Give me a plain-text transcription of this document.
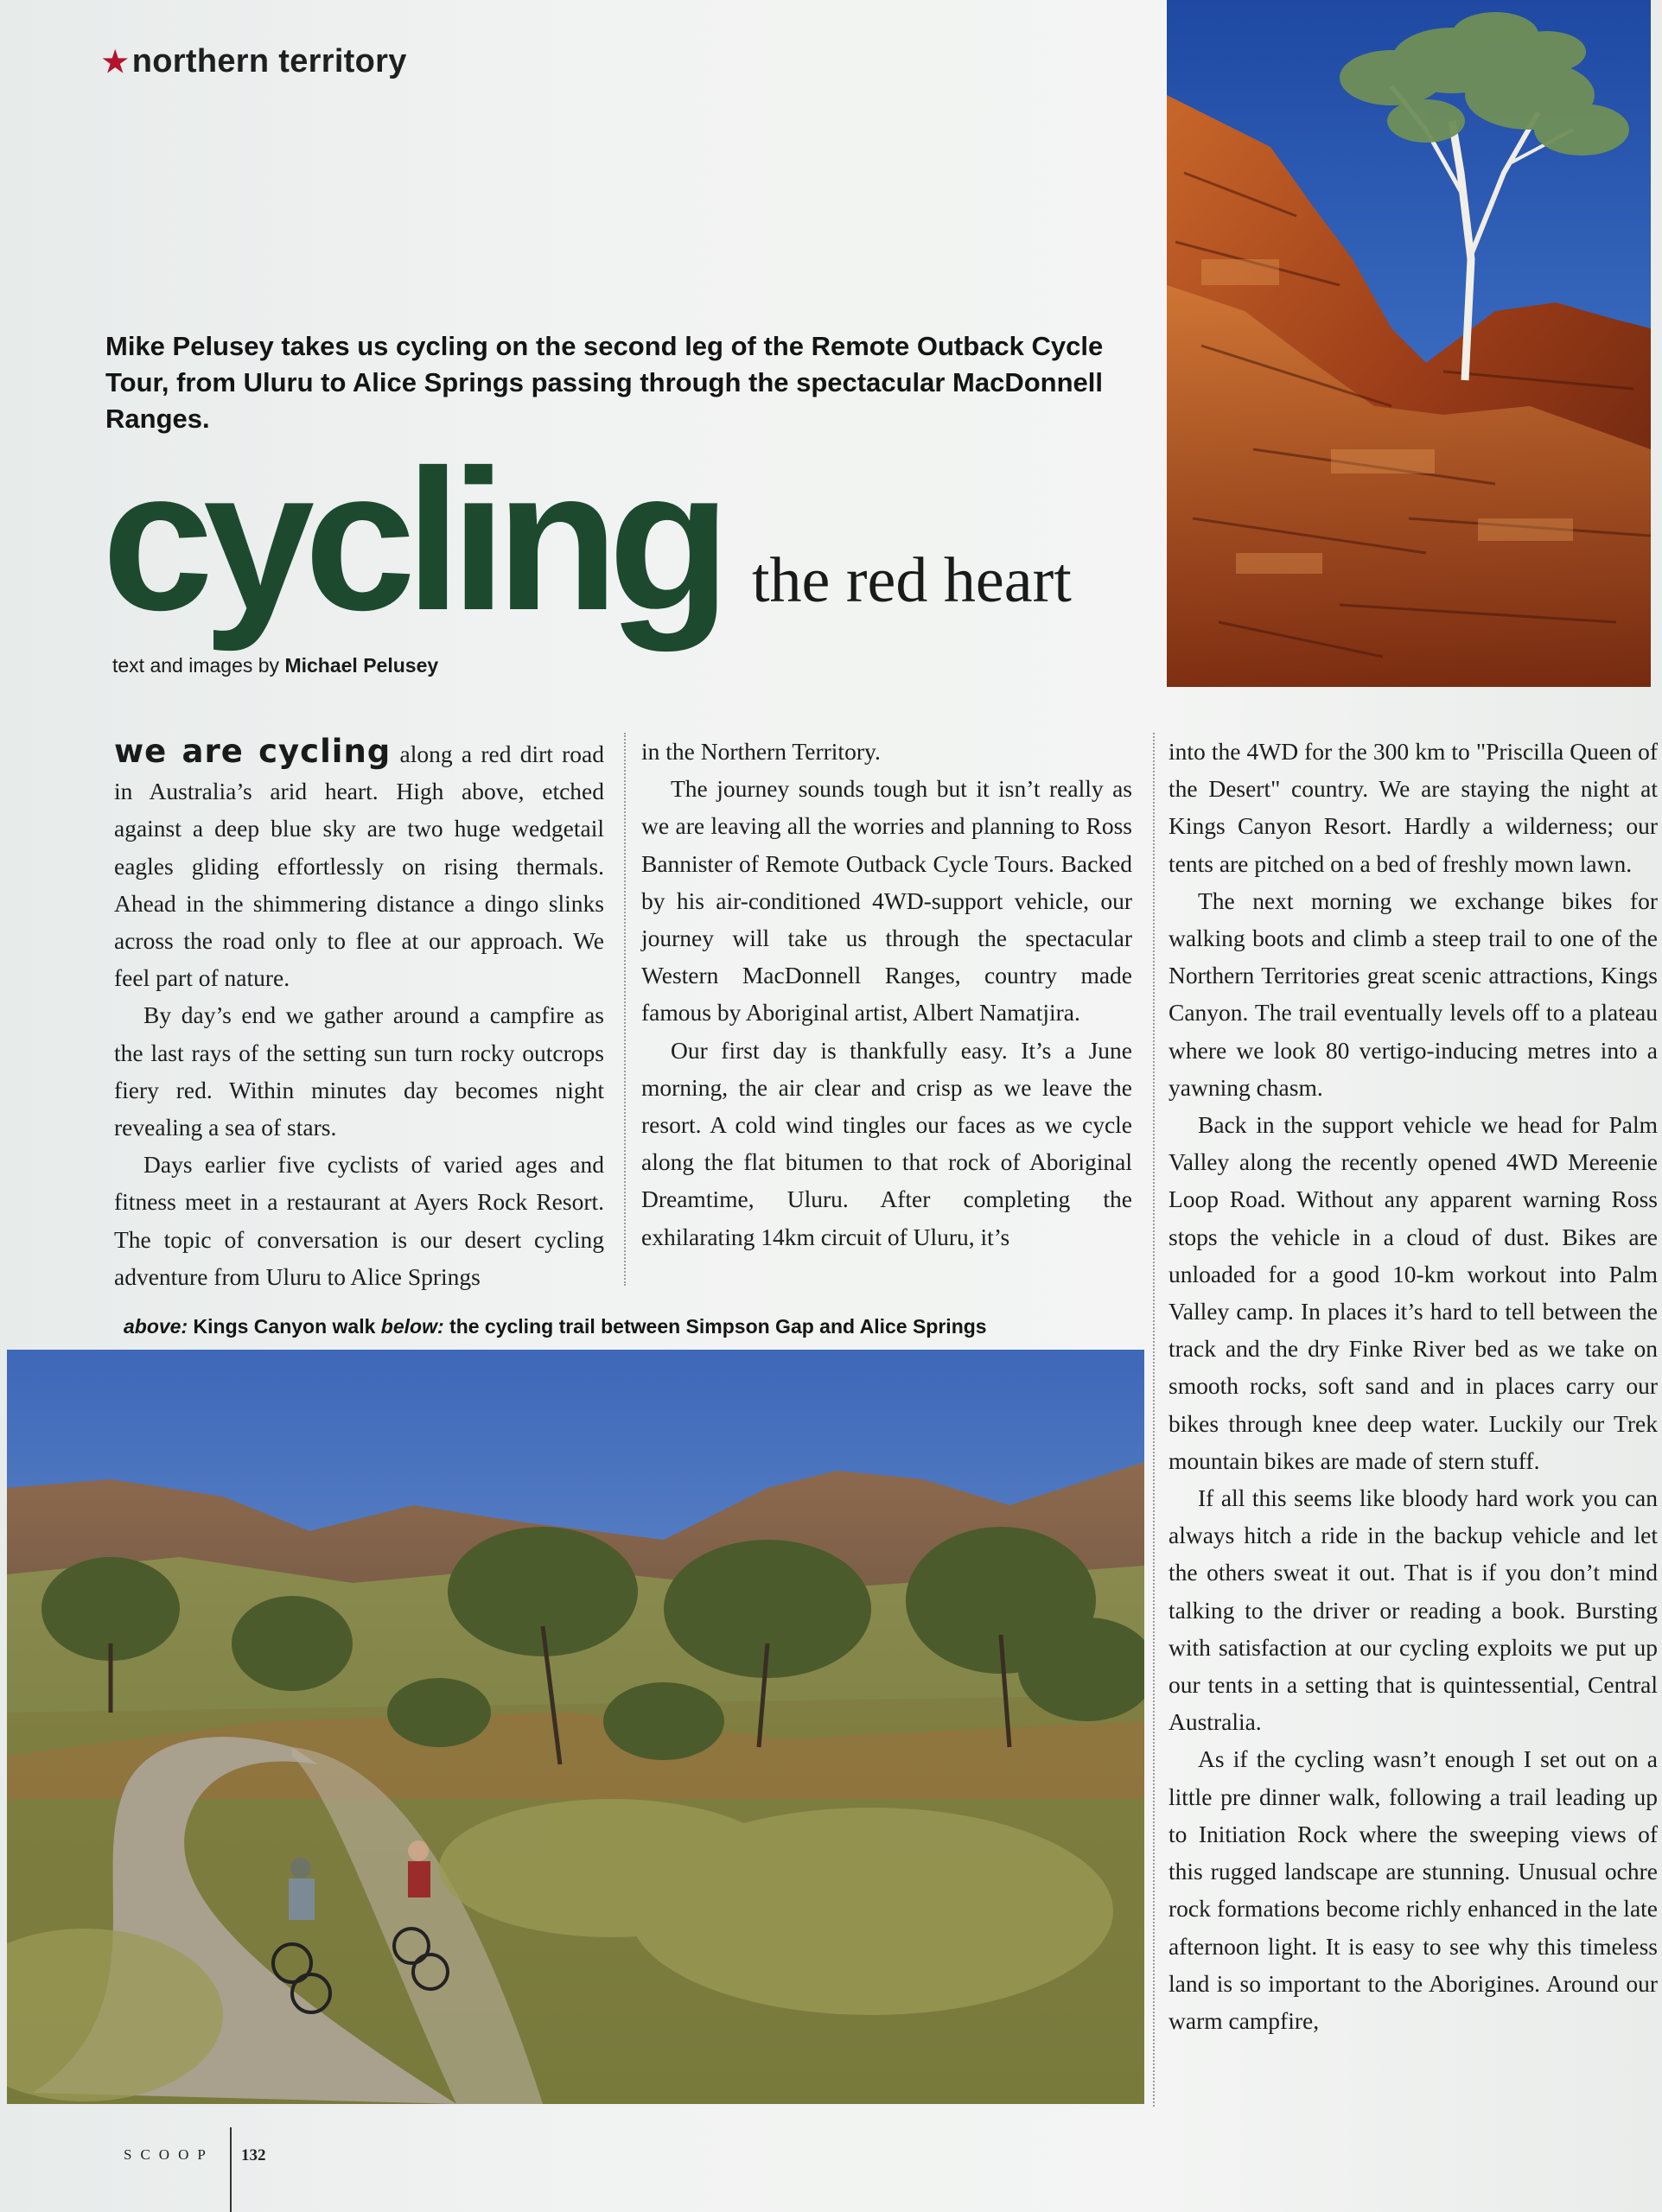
★ northern territory
Mike Pelusey takes us cycling on the second leg of the Remote Outback Cycle Tour, from Uluru to Alice Springs passing through the spectacular MacDonnell Ranges.
cycling the red heart
text and images by Michael Pelusey

we are cycling along a red dirt road in Australia’s arid heart. High above, etched against a deep blue sky are two huge wedgetail eagles gliding effortlessly on rising thermals. Ahead in the shimmering distance a dingo slinks across the road only to flee at our approach. We feel part of nature.

By day’s end we gather around a campfire as the last rays of the setting sun turn rocky outcrops fiery red. Within minutes day becomes night revealing a sea of stars.

Days earlier five cyclists of varied ages and fitness meet in a restaurant at Ayers Rock Resort. The topic of conversation is our desert cycling adventure from Uluru to Alice Springs

in the Northern Territory.

The journey sounds tough but it isn’t really as we are leaving all the worries and planning to Ross Bannister of Remote Outback Cycle Tours. Backed by his air-conditioned 4WD-support vehicle, our journey will take us through the spectacular Western MacDonnell Ranges, country made famous by Aboriginal artist, Albert Namatjira.

Our first day is thankfully easy. It’s a June morning, the air clear and crisp as we leave the resort. A cold wind tingles our faces as we cycle along the flat bitumen to that rock of Aboriginal Dreamtime, Uluru. After completing the exhilarating 14km circuit of Uluru, it’s

into the 4WD for the 300 km to "Priscilla Queen of the Desert" country. We are staying the night at Kings Canyon Resort. Hardly a wilderness; our tents are pitched on a bed of freshly mown lawn.

The next morning we exchange bikes for walking boots and climb a steep trail to one of the Northern Territories great scenic attractions, Kings Canyon. The trail eventually levels off to a plateau where we look 80 vertigo-inducing metres into a yawning chasm.

Back in the support vehicle we head for Palm Valley along the recently opened 4WD Mereenie Loop Road. Without any apparent warning Ross stops the vehicle in a cloud of dust. Bikes are unloaded for a good 10-km workout into Palm Valley camp. In places it’s hard to tell between the track and the dry Finke River bed as we take on smooth rocks, soft sand and in places carry our bikes through knee deep water. Luckily our Trek mountain bikes are made of stern stuff.

If all this seems like bloody hard work you can always hitch a ride in the backup vehicle and let the others sweat it out. That is if you don’t mind talking to the driver or reading a book. Bursting with satisfaction at our cycling exploits we put up our tents in a setting that is quintessential, Central Australia.

As if the cycling wasn’t enough I set out on a little pre dinner walk, following a trail leading up to Initiation Rock where the sweeping views of this rugged landscape are stunning. Unusual ochre rock formations become richly enhanced in the late afternoon light. It is easy to see why this timeless land is so important to the Aborigines. Around our warm campfire,

above: Kings Canyon walk below: the cycling trail between Simpson Gap and Alice Springs
SCOOP 132
